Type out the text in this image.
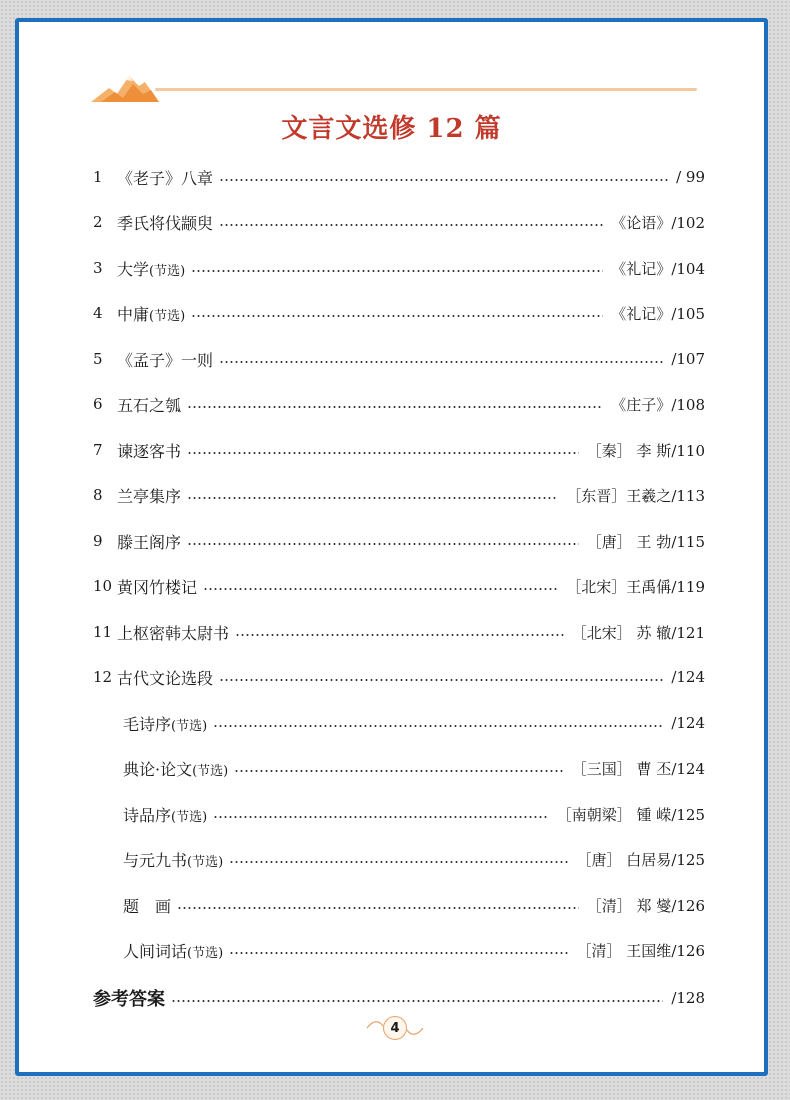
文言文选修 12 篇
1 《老子》八章	/ 99
2 季氏将伐颛臾	《论语》/102
3 大学(节选)	《礼记》/104
4 中庸(节选)	《礼记》/105
5 《孟子》一则	/107
6 五石之瓠	《庄子》/108
7 谏逐客书	［秦］ 李 斯/110
8 兰亭集序	［东晋］王羲之/113
9 滕王阁序	［唐］ 王 勃/115
10 黄冈竹楼记	［北宋］王禹偁/119
11 上枢密韩太尉书	［北宋］ 苏 辙/121
12 古代文论选段	/124
毛诗序(节选)	/124
典论·论文(节选)	［三国］ 曹 丕/124
诗品序(节选)	［南朝梁］ 锺 嵘/125
与元九书(节选)	［唐］ 白居易/125
题　画	［清］ 郑 燮/126
人间词话(节选)	［清］ 王国维/126
参考答案	/128
4
